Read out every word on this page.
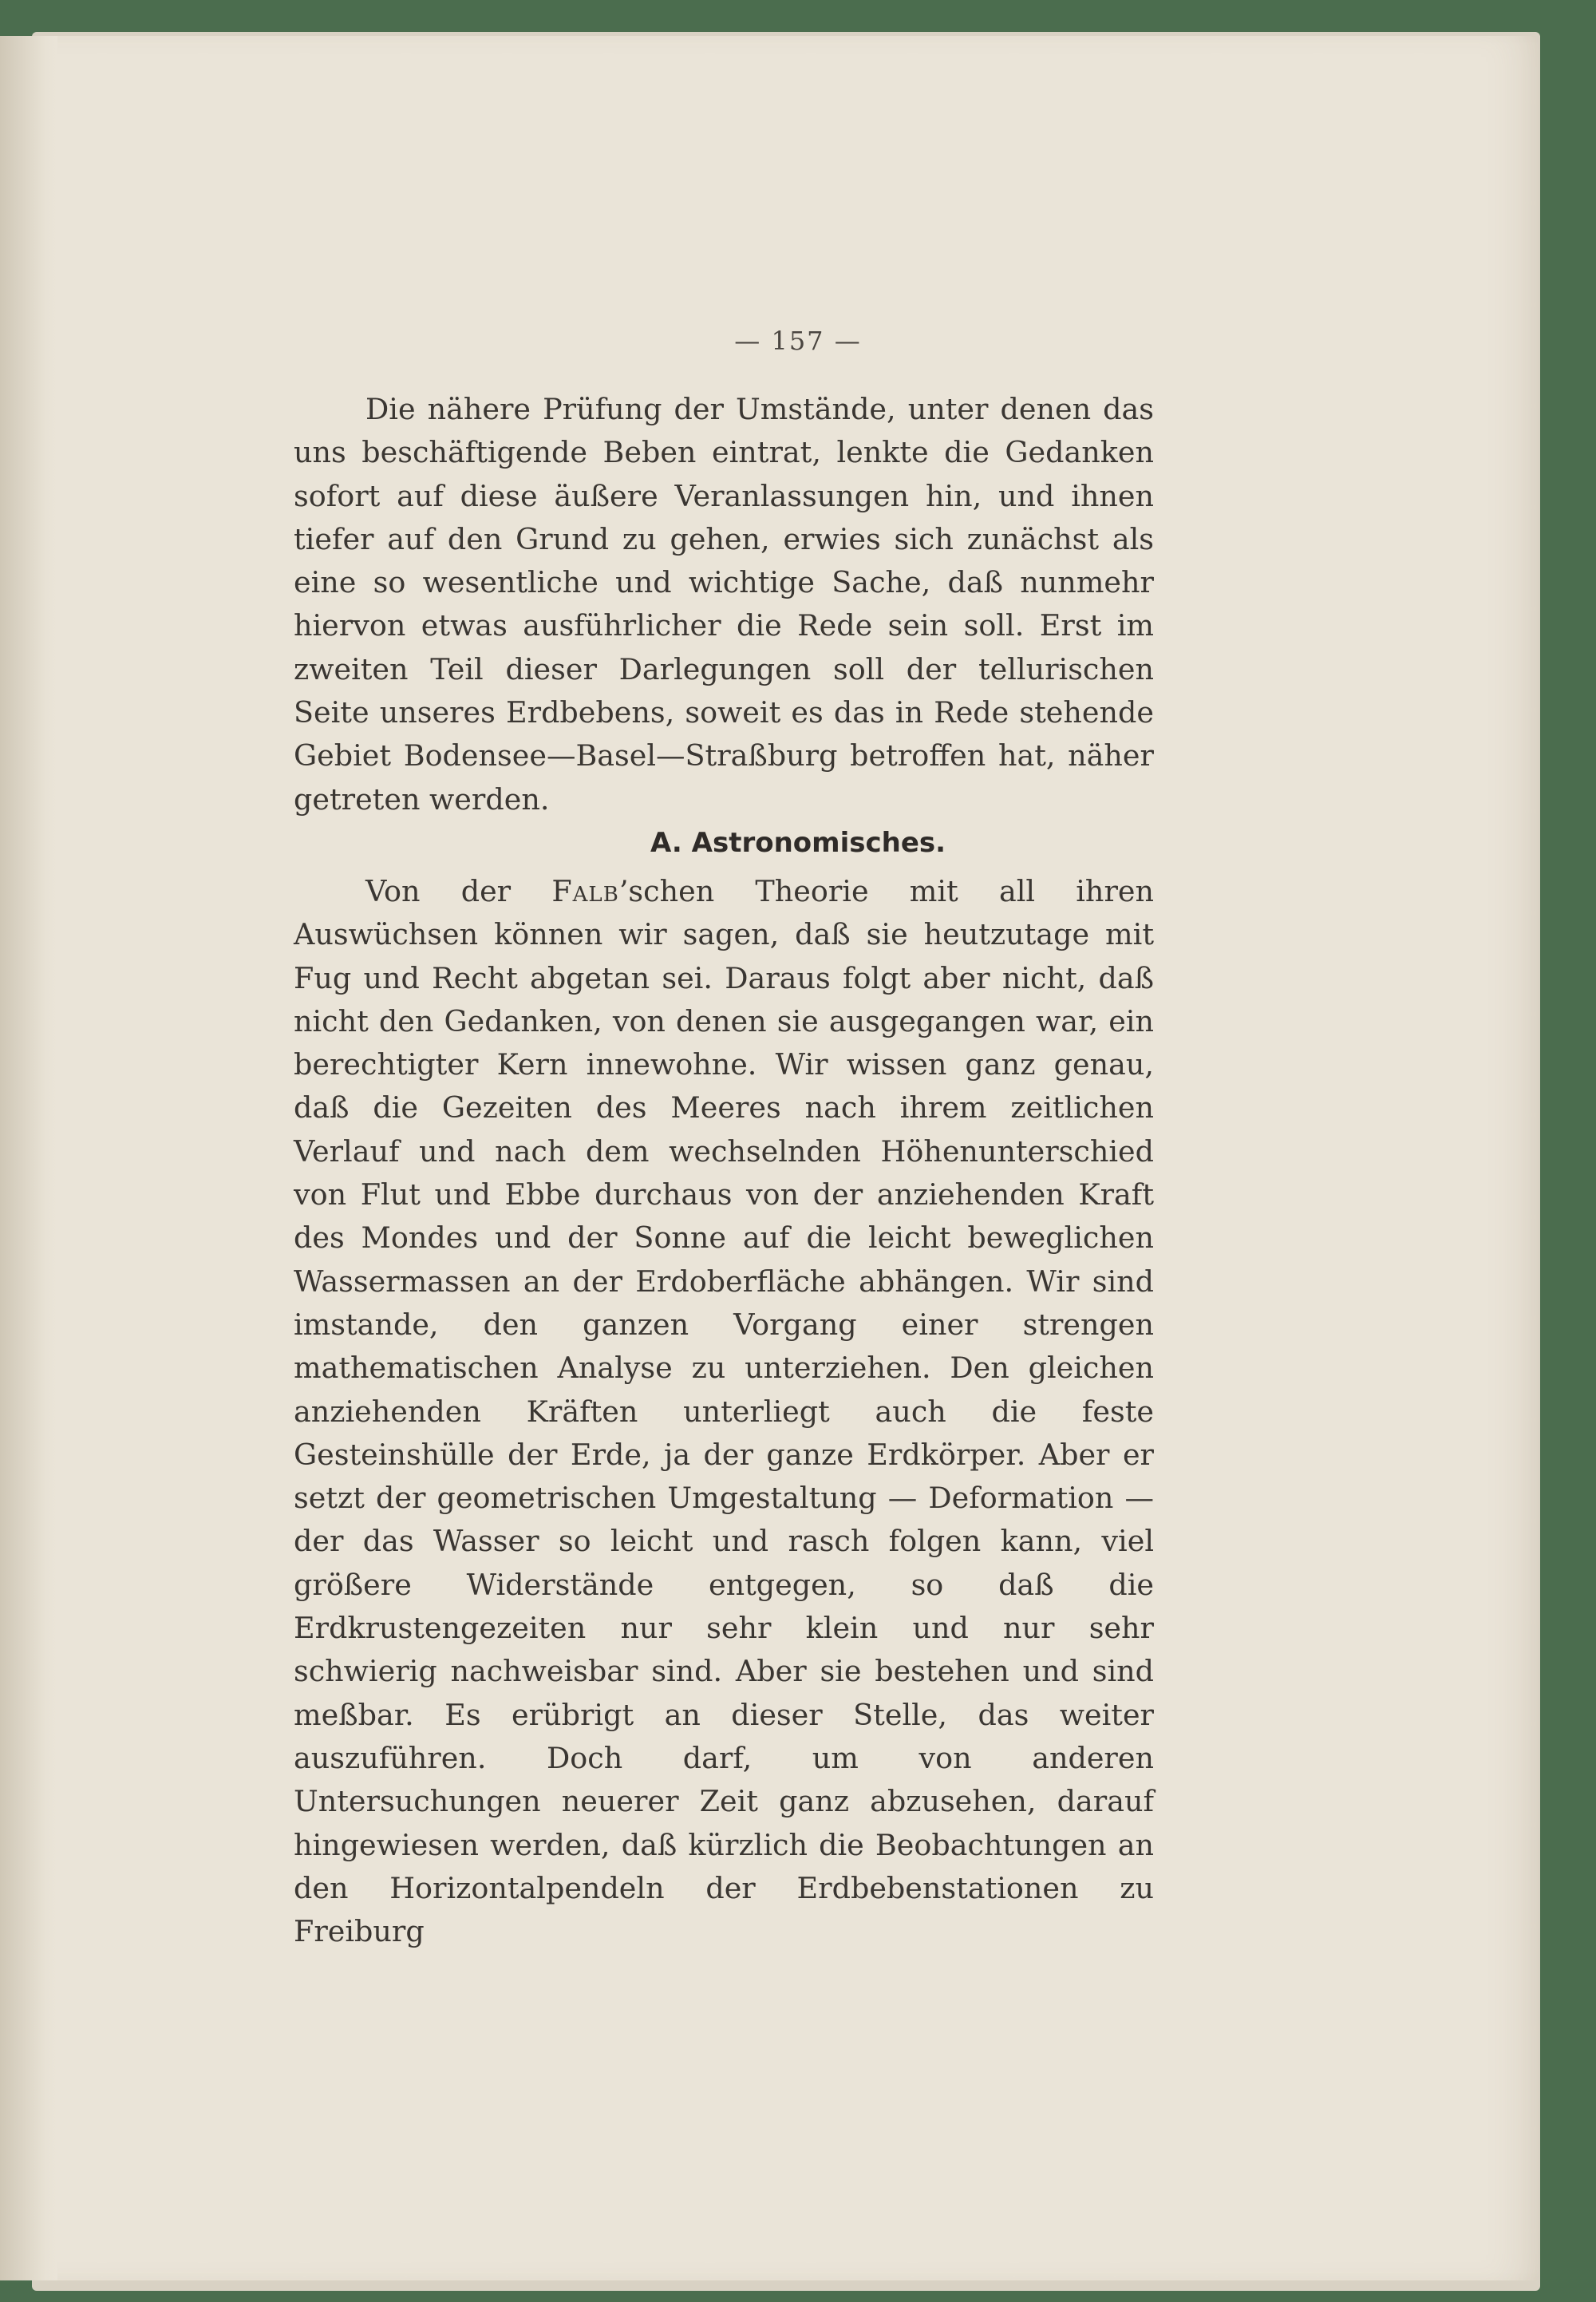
— 157 —
Die nähere Prüfung der Umstände, unter denen das uns beschäftigende Beben eintrat, lenkte die Gedanken sofort auf diese äußere Veranlassungen hin, und ihnen tiefer auf den Grund zu gehen, erwies sich zunächst als eine so wesentliche und wichtige Sache, daß nunmehr hiervon etwas ausführlicher die Rede sein soll. Erst im zweiten Teil dieser Darlegungen soll der tellurischen Seite unseres Erdbebens, soweit es das in Rede stehende Gebiet Bodensee—Basel—Straßburg betroffen hat, näher getreten werden.
A. Astronomisches.
Von der Falb’schen Theorie mit all ihren Auswüchsen können wir sagen, daß sie heutzutage mit Fug und Recht abgetan sei. Daraus folgt aber nicht, daß nicht den Gedanken, von denen sie ausgegangen war, ein berechtigter Kern innewohne. Wir wissen ganz genau, daß die Gezeiten des Meeres nach ihrem zeitlichen Verlauf und nach dem wechselnden Höhenunterschied von Flut und Ebbe durchaus von der anziehenden Kraft des Mondes und der Sonne auf die leicht beweglichen Wassermassen an der Erdoberfläche abhängen. Wir sind imstande, den ganzen Vorgang einer strengen mathematischen Analyse zu unterziehen. Den gleichen anziehenden Kräften unterliegt auch die feste Gesteinshülle der Erde, ja der ganze Erdkörper. Aber er setzt der geometrischen Umgestaltung — Deformation — der das Wasser so leicht und rasch folgen kann, viel größere Widerstände entgegen, so daß die Erdkrustengezeiten nur sehr klein und nur sehr schwierig nachweisbar sind. Aber sie bestehen und sind meßbar. Es erübrigt an dieser Stelle, das weiter auszuführen. Doch darf, um von anderen Untersuchungen neuerer Zeit ganz abzusehen, darauf hingewiesen werden, daß kürzlich die Beobachtungen an den Horizontalpendeln der Erdbebenstationen zu Freiburg
